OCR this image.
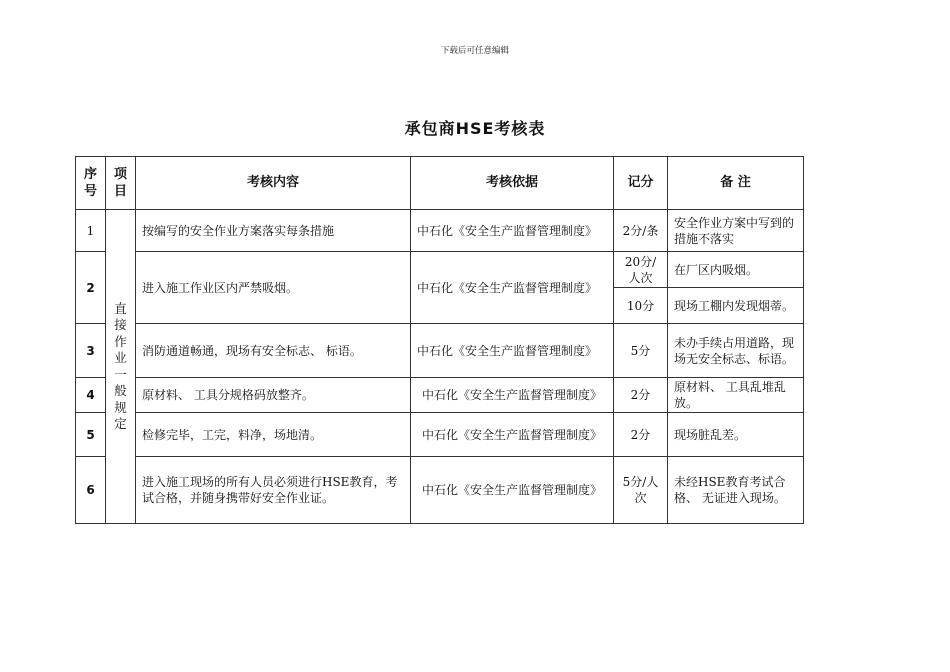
下载后可任意编辑
承包商HSE考核表
序号	项目	考核内容	考核依据	记分	备 注
1	直接作业一般规定	按编写的安全作业方案落实每条措施	中石化《安全生产监督管理制度》	2分/条	安全作业方案中写到的措施不落实
2		进入施工作业区内严禁吸烟。	中石化《安全生产监督管理制度》	20分/人次	在厂区内吸烟。
				10分	现场工棚内发现烟蒂。
3		消防通道畅通，现场有安全标志、 标语。	中石化《安全生产监督管理制度》	5分	未办手续占用道路，现场无安全标志、标语。
4		原材料、 工具分规格码放整齐。	中石化《安全生产监督管理制度》	2分	原材料、 工具乱堆乱放。
5		检修完毕，工完，料净，场地清。	中石化《安全生产监督管理制度》	2分	现场脏乱差。
6		进入施工现场的所有人员必须进行HSE教育，考试合格，并随身携带好安全作业证。	中石化《安全生产监督管理制度》	5分/人次	未经HSE教育考试合格、 无证进入现场。
